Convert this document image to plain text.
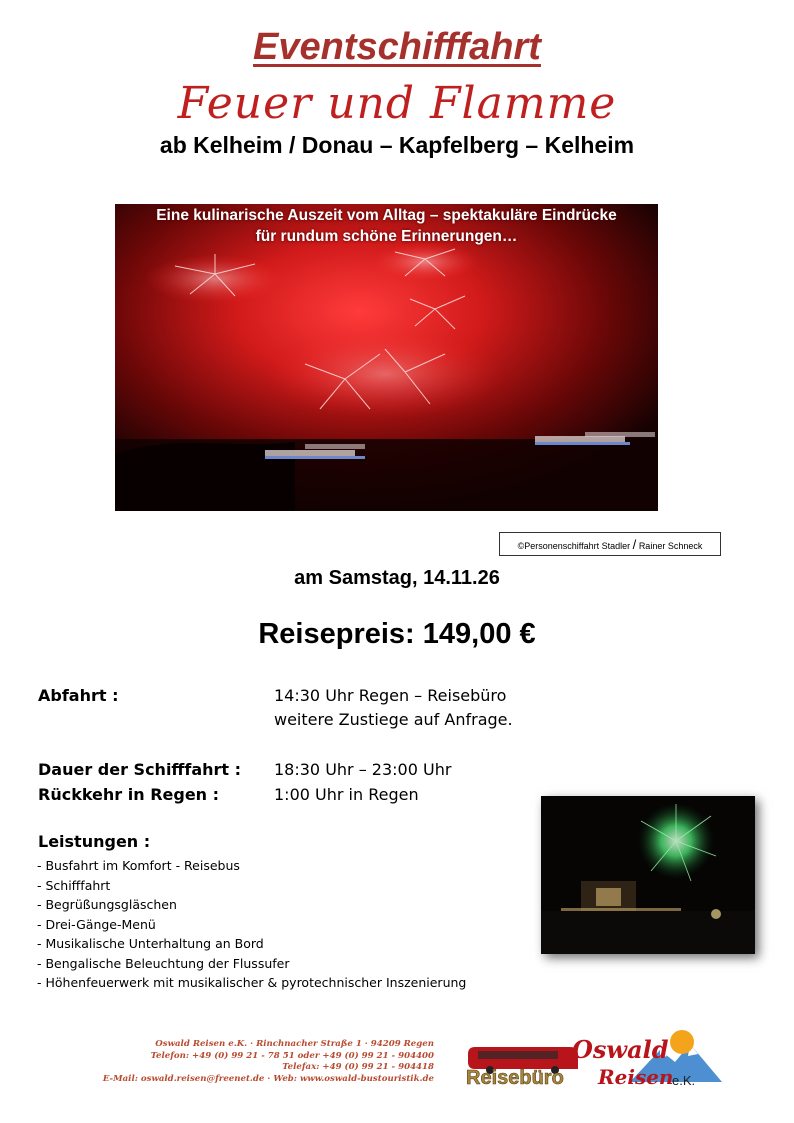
Eventschifffahrt
Feuer und Flamme
ab Kelheim / Donau – Kapfelberg – Kelheim
Eine kulinarische Auszeit vom Alltag – spektakuläre Eindrücke
für rundum schöne Erinnerungen…
©Personenschiffahrt Stadler / Rainer Schneck
am Samstag, 14.11.26
Reisepreis: 149,00 €
Abfahrt :	14:30 Uhr Regen – Reisebüro
weitere Zustiege auf Anfrage.
Dauer der Schifffahrt : 18:30 Uhr – 23:00 Uhr
Rückkehr in Regen :	1:00 Uhr in Regen
Leistungen :
- Busfahrt im Komfort - Reisebus
- Schifffahrt
- Begrüßungsgläschen
- Drei-Gänge-Menü
- Musikalische Unterhaltung an Bord
- Bengalische Beleuchtung der Flussufer
- Höhenfeuerwerk mit musikalischer & pyrotechnischer Inszenierung
Oswald Reisen e.K. · Rinchnacher Straße 1 · 94209 Regen
Telefon: +49 (0) 99 21 - 78 51 oder +49 (0) 99 21 - 904400
Telefax: +49 (0) 99 21 - 904418
E-Mail: oswald.reisen@freenet.de · Web: www.oswald-bustouristik.de
Oswald
Reisebüro Reisen
e.K.
